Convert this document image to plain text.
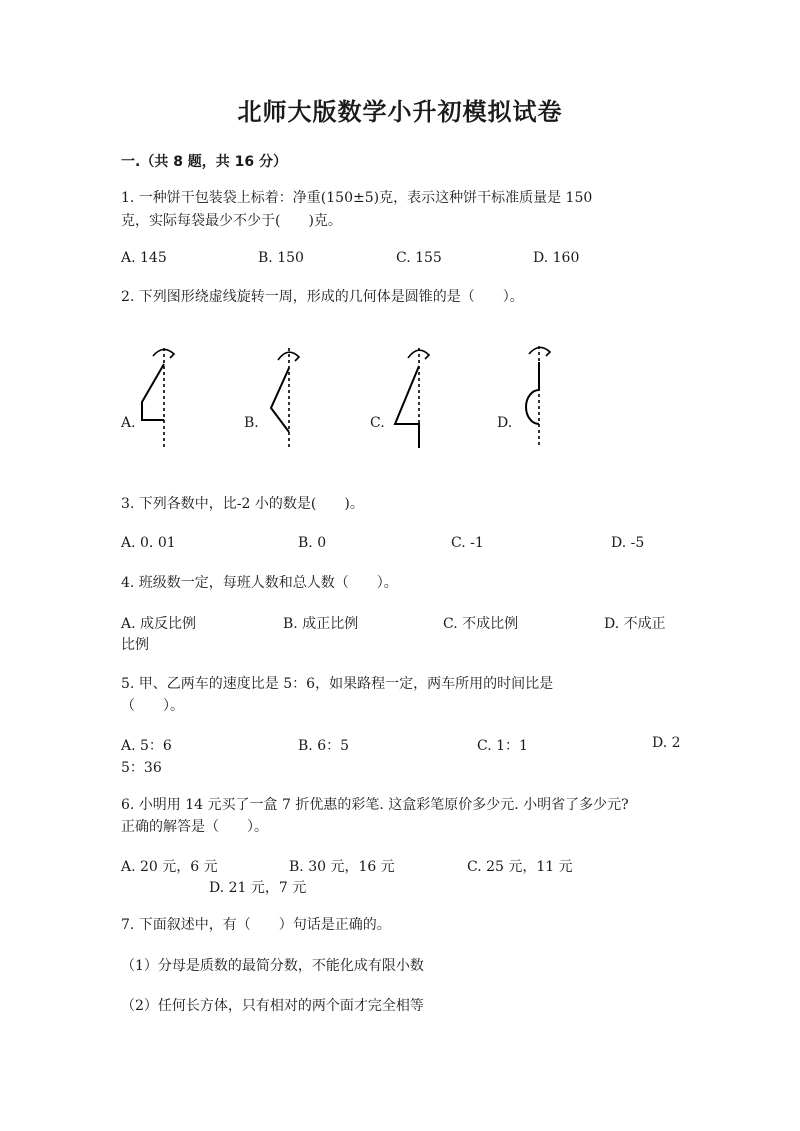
北师大版数学小升初模拟试卷
一.（共 8 题，共 16 分）
1. 一种饼干包装袋上标着：净重(150±5)克，表示这种饼干标准质量是 150
克，实际每袋最少不少于(　　)克。
A. 145	B. 150	C. 155	D. 160
2. 下列图形绕虚线旋转一周，形成的几何体是圆锥的是（　　）。
A.	B.	C.	D.
3. 下列各数中，比-2 小的数是(　　)。
A. 0. 01	B. 0	C. -1	D. -5
4. 班级数一定，每班人数和总人数（　　）。
A. 成反比例	B. 成正比例	C. 不成比例	D. 不成正
比例
5. 甲、乙两车的速度比是 5：6，如果路程一定，两车所用的时间比是
（　　）。
A. 5：6	B. 6：5	C. 1：1	D. 2
5：36
6. 小明用 14 元买了一盒 7 折优惠的彩笔. 这盒彩笔原价多少元. 小明省了多少元?
正确的解答是（　　）。
A. 20 元，6 元	B. 30 元，16 元	C. 25 元，11 元
D. 21 元，7 元
7. 下面叙述中，有（　　）句话是正确的。
（1）分母是质数的最简分数，不能化成有限小数
（2）任何长方体，只有相对的两个面才完全相等
